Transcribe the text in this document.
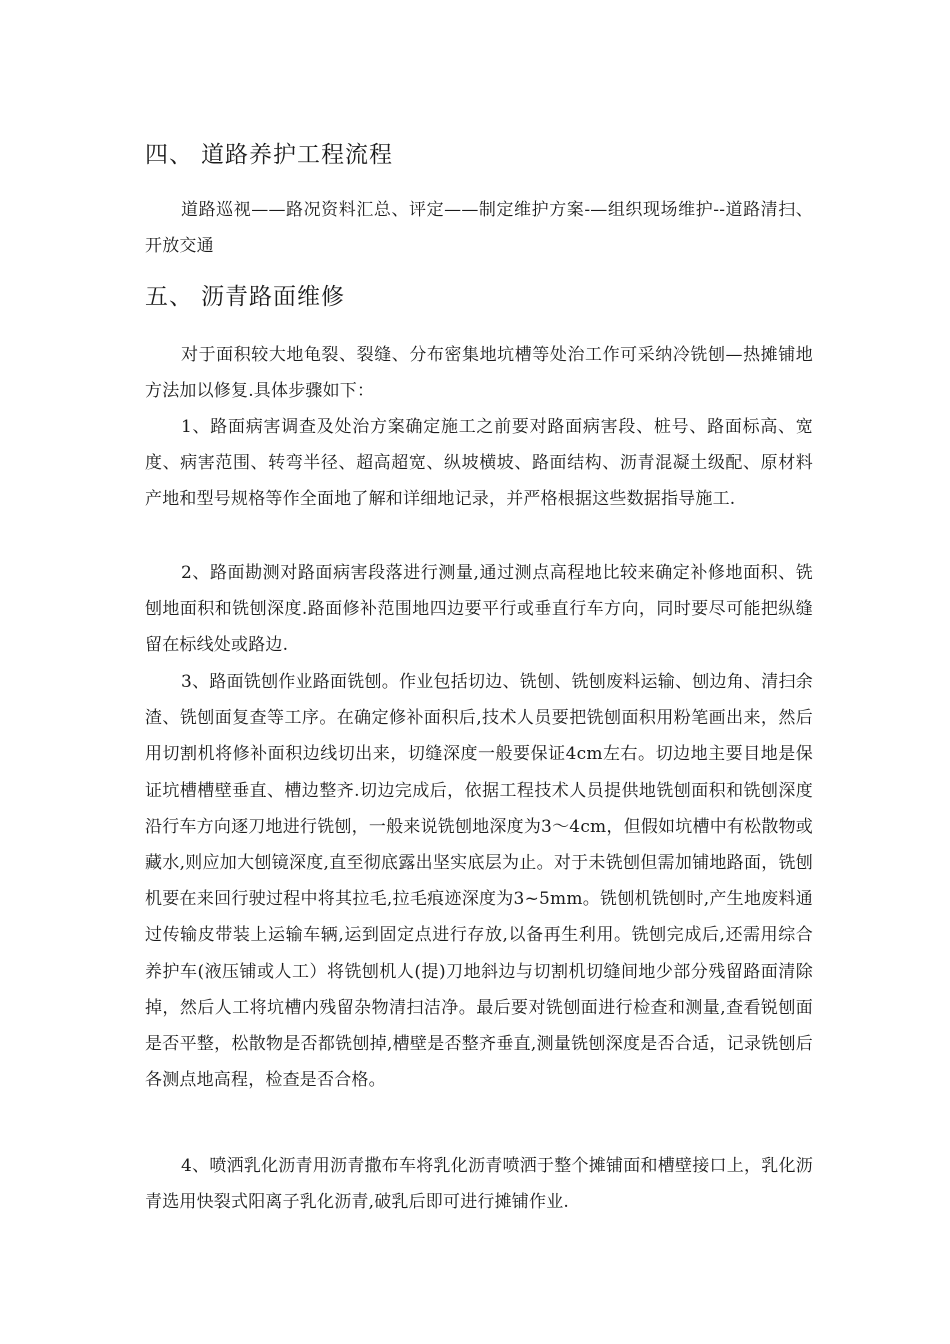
四、 道路养护工程流程

道路巡视——路况资料汇总、评定——制定维护方案-—组织现场维护--道路清扫、开放交通

五、 沥青路面维修

对于面积较大地龟裂、裂缝、分布密集地坑槽等处治工作可采纳冷铣刨—热摊铺地方法加以修复.具体步骤如下：

1、路面病害调查及处治方案确定施工之前要对路面病害段、桩号、路面标高、宽度、病害范围、转弯半径、超高超宽、纵坡横坡、路面结构、沥青混凝土级配、原材料产地和型号规格等作全面地了解和详细地记录，并严格根据这些数据指导施工.

2、路面勘测对路面病害段落进行测量,通过测点高程地比较来确定补修地面积、铣刨地面积和铣刨深度.路面修补范围地四边要平行或垂直行车方向，同时要尽可能把纵缝留在标线处或路边.

3、路面铣刨作业路面铣刨。作业包括切边、铣刨、铣刨废料运输、刨边角、清扫余渣、铣刨面复查等工序。在确定修补面积后,技术人员要把铣刨面积用粉笔画出来，然后用切割机将修补面积边线切出来，切缝深度一般要保证4cm左右。切边地主要目地是保证坑槽槽壁垂直、槽边整齐.切边完成后，依据工程技术人员提供地铣刨面积和铣刨深度沿行车方向逐刀地进行铣刨，一般来说铣刨地深度为3～4cm，但假如坑槽中有松散物或藏水,则应加大刨镜深度,直至彻底露出坚实底层为止。对于未铣刨但需加铺地路面，铣刨机要在来回行驶过程中将其拉毛,拉毛痕迹深度为3~5mm。铣刨机铣刨时,产生地废料通过传输皮带装上运输车辆,运到固定点进行存放,以备再生利用。铣刨完成后,还需用综合养护车(液压铺或人工）将铣刨机人(提)刀地斜边与切割机切缝间地少部分残留路面清除掉，然后人工将坑槽内残留杂物清扫洁净。最后要对铣刨面进行检查和测量,查看锐刨面是否平整，松散物是否都铣刨掉,槽壁是否整齐垂直,测量铣刨深度是否合适，记录铣刨后各测点地高程，检查是否合格。

4、喷洒乳化沥青用沥青撒布车将乳化沥青喷洒于整个摊铺面和槽壁接口上，乳化沥青选用快裂式阳离子乳化沥青,破乳后即可进行摊铺作业.
